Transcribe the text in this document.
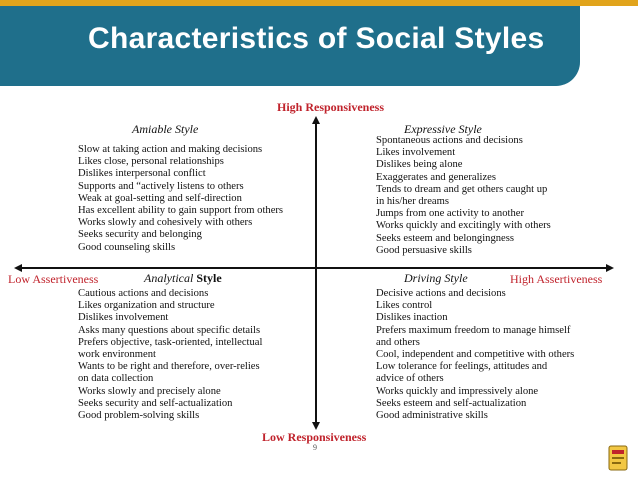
Characteristics of Social Styles
High Responsiveness
Low Responsiveness
Low Assertiveness	High Assertiveness
Amiable Style
Slow at taking action and making decisions
Likes close, personal relationships
Dislikes interpersonal conflict
Supports and “actively listens to others
Weak at goal-setting and self-direction
Has excellent ability to gain support from others
Works slowly and cohesively with others
Seeks security and belonging
Good counseling skills
Expressive Style
Spontaneous actions and decisions
Likes involvement
Dislikes being alone
Exaggerates and generalizes
Tends to dream and get others caught up
in his/her dreams
Jumps from one activity to another
Works quickly and excitingly with others
Seeks esteem and belongingness
Good persuasive skills
Analytical Style
Cautious actions and decisions
Likes organization and structure
Dislikes involvement
Asks many questions about specific details
Prefers objective, task-oriented, intellectual
work environment
Wants to be right and therefore, over-relies
on data collection
Works slowly and precisely alone
Seeks security and self-actualization
Good problem-solving skills
Driving Style
Decisive actions and decisions
Likes control
Dislikes inaction
Prefers maximum freedom to manage himself
and others
Cool, independent and competitive with others
Low tolerance for feelings, attitudes and
advice of others
Works quickly and impressively alone
Seeks esteem and self-actualization
Good administrative skills
9
